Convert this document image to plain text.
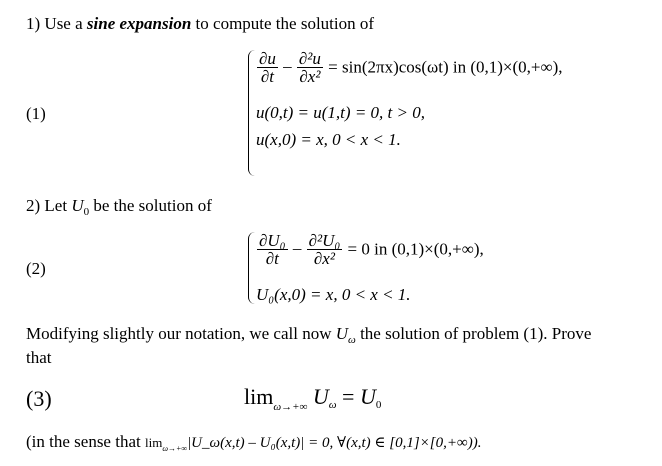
1) Use a sine expansion to compute the solution of
(1)
$\frac{\partial u}{\partial t} - \frac{\text{∂²u}}{\text{∂x²}} = \sin(2\pi x)\cos(\omega t)$ in (0,1)×(0,+∞),
u(0,t) = u(1,t) = 0, t > 0,
u(x,0) = x, 0 < x < 1.
2) Let $U_0$ be the solution of
(2)
$\frac{\text{∂U₀}}{\partial t} - \frac{\text{∂²U₀}}{\text{∂x²}} = 0$ in (0,1)×(0,+∞),
U₀(x,0) = x, 0 < x < 1.
Modifying slightly our notation, we call now $U_\omega$ the solution of problem (1). Prove
that
(3)	$\lim_{\omega\to+\infty} U\omega = U0$
(in the sense that $\lim_{\omega\to+\infty}|U\_\omega(x,t) - U_0(x,t)| = 0$, ∀(x,t) ∈ [0,1]×[0,+∞)).
